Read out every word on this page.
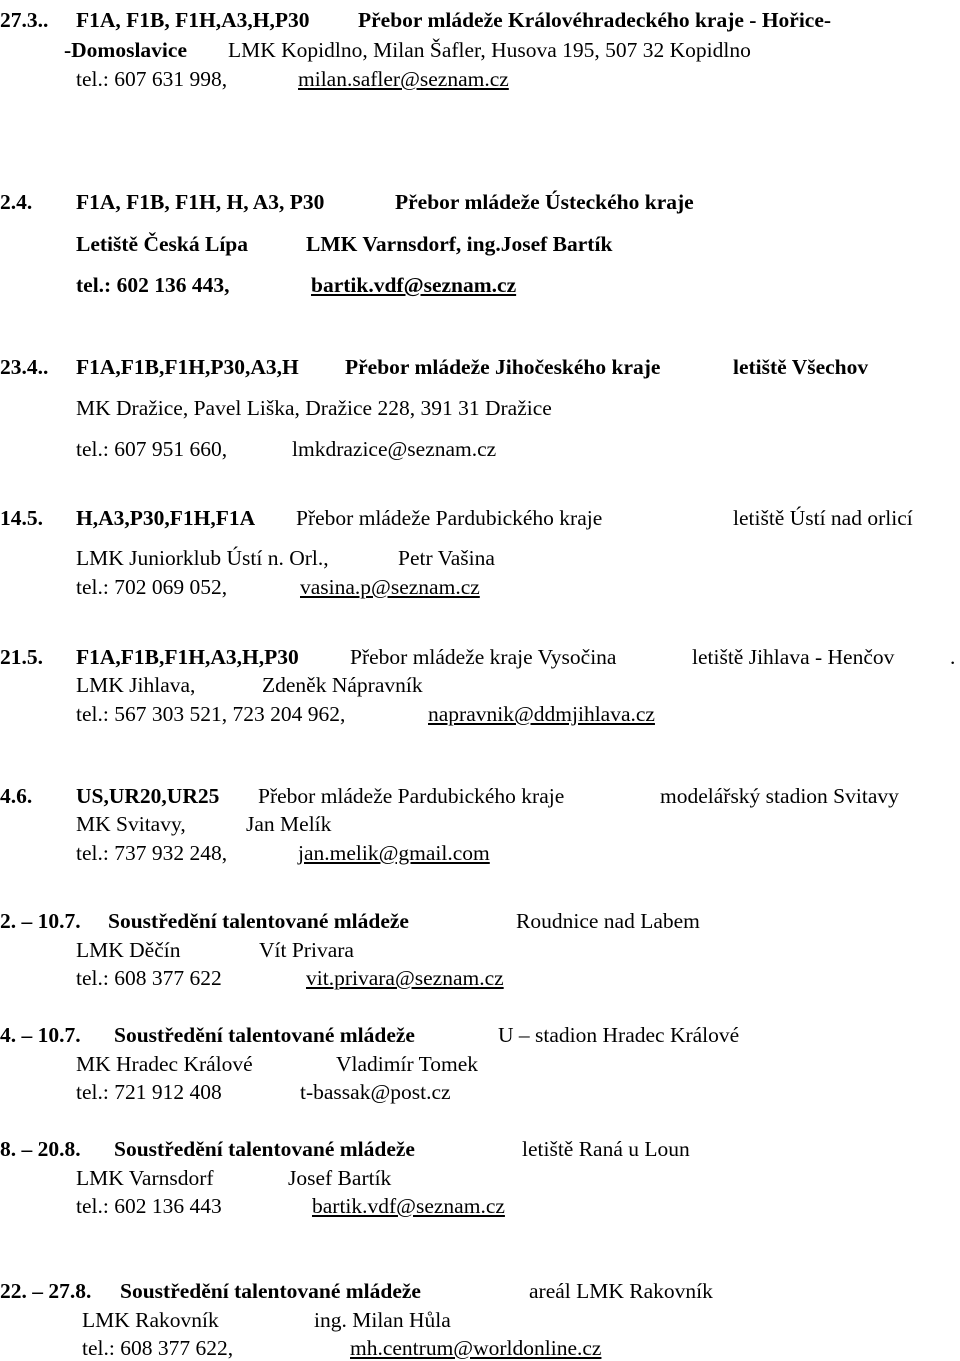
27.3.. F1A, F1B, F1H,A3,H,P30 Přebor mládeže Královéhradeckého kraje - Hořice-
-Domoslavice LMK Kopidlno, Milan Šafler, Husova 195, 507 32 Kopidlno
tel.: 607 631 998,	milan.safler@seznam.cz
2.4. F1A, F1B, F1H, H, A3, P30	Přebor mládeže Ústeckého kraje
Letiště Česká Lípa	LMK Varnsdorf, ing.Josef Bartík
tel.: 602 136 443,	bartik.vdf@seznam.cz
23.4.. F1A,F1B,F1H,P30,A3,H Přebor mládeže Jihočeského kraje	letiště Všechov
MK Dražice, Pavel Liška, Dražice 228, 391 31 Dražice
tel.: 607 951 660,	lmkdrazice@seznam.cz
14.5. H,A3,P30,F1H,F1A Přebor mládeže Pardubického kraje	letiště Ústí nad orlicí
LMK Juniorklub Ústí n. Orl.,	Petr Vašina
tel.: 702 069 052,	vasina.p@seznam.cz
21.5. F1A,F1B,F1H,A3,H,P30 Přebor mládeže kraje Vysočina	letiště Jihlava - Henčov	.
LMK Jihlava,	Zdeněk Nápravník
tel.: 567 303 521, 723 204 962,	napravnik@ddmjihlava.cz
4.6. US,UR20,UR25 Přebor mládeže Pardubického kraje	modelářský stadion Svitavy
MK Svitavy,	Jan Melík
tel.: 737 932 248,	jan.melik@gmail.com
2. – 10.7. Soustředění talentované mládeže	Roudnice nad Labem
LMK Děčín	Vít Privara
tel.: 608 377 622	vit.privara@seznam.cz
4. – 10.7. Soustředění talentované mládeže	U – stadion Hradec Králové
MK Hradec Králové	Vladimír Tomek
tel.: 721 912 408	t-bassak@post.cz
8. – 20.8. Soustředění talentované mládeže	letiště Raná u Loun
LMK Varnsdorf	Josef Bartík
tel.: 602 136 443	bartik.vdf@seznam.cz
22. – 27.8. Soustředění talentované mládeže	areál LMK Rakovník
LMK Rakovník	ing. Milan Hůla
tel.: 608 377 622,	mh.centrum@worldonline.cz
